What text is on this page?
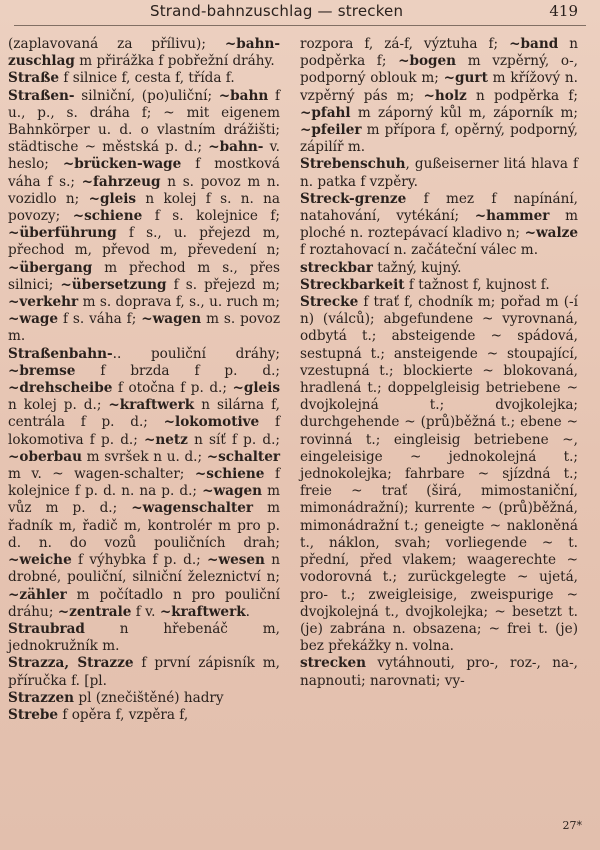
Strand-bahnzuschlag — strecken	419

(zaplavovaná za přílivu); ~bahn-zuschlag m přirážka f pobřežní dráhy.

Straße f silnice f, cesta f, třída f.

Straßen- silniční, (po)uliční; ~bahn f u., p., s. dráha f; ~ mit eigenem Bahnkörper u. d. o vlastním drážišti; städtische ~ městská p. d.; ~bahn- v. heslo; ~brücken-wage f mostková váha f s.; ~fahrzeug n s. povoz m n. vozidlo n; ~gleis n kolej f s. n. na povozy; ~schiene f s. kolejnice f; ~überführung f s., u. přejezd m, přechod m, převod m, převedení n; ~übergang m přechod m s., přes silnici; ~übersetzung f s. přejezd m; ~verkehr m s. doprava f, s., u. ruch m; ~wage f s. váha f; ~wagen m s. povoz m.

Straßenbahn-.. pouliční dráhy; ~bremse f brzda f p. d.; ~drehscheibe f otočna f p. d.; ~gleis n kolej p. d.; ~kraftwerk n silárna f, centrála f p. d.; ~lokomotive f lokomotiva f p. d.; ~netz n síť f p. d.; ~oberbau m svršek n u. d.; ~schalter m v. ~ wagen-schalter; ~schiene f kolejnice f p. d. n. na p. d.; ~wagen m vůz m p. d.; ~wagenschalter m řadník m, řadič m, kontrolér m pro p. d. n. do vozů pouličních drah; ~weiche f výhybka f p. d.; ~wesen n drobné, pouliční, silniční železnictví n; ~zähler m počítadlo n pro pouliční dráhu; ~zentrale f v. ~kraftwerk.

Straubrad n hřebenáč m, jednokružník m.

Strazza, Strazze f první zápisník m, příručka f. [pl.

Strazzen pl (znečištěné) hadry

Strebe f opěra f, vzpěra f,

rozpora f, zá-f, výztuha f; ~band n podpěrka f; ~bogen m vzpěrný, o-, podporný oblouk m; ~gurt m křížový n. vzpěrný pás m; ~holz n podpěrka f; ~pfahl m záporný kůl m, záporník m; ~pfeiler m přípora f, opěrný, podporný, zápilíř m.

Strebenschuh, gußeiserner litá hlava f n. patka f vzpěry.

Streck-grenze f mez f napínání, natahování, vytékání; ~hammer m ploché n. roztepávací kladivo n; ~walze f roztahovací n. začáteční válec m.

streckbar tažný, kujný.

Streckbarkeit f tažnost f, kujnost f.

Strecke f trať f, chodník m; pořad m (-í n) (válců); abgefundene ~ vyrovnaná, odbytá t.; absteigende ~ spádová, sestupná t.; ansteigende ~ stoupající, vzestupná t.; blockierte ~ blokovaná, hradlená t.; doppelgleisig betriebene ~ dvojkolejná t.; dvojkolejka; durchgehende ~ (prů)běžná t.; ebene ~ rovinná t.; eingleisig betriebene ~, eingeleisige ~ jednokolejná t.; jednokolejka; fahrbare ~ sjízdná t.; freie ~ trať (širá, mimostaniční, mimonádražní); kurrente ~ (prů)běžná, mimonádražní t.; geneigte ~ nakloněná t., náklon, svah; vorliegende ~ t. přední, před vlakem; waagerechte ~ vodorovná t.; zurückgelegte ~ ujetá, pro- t.; zweigleisige, zweispurige ~ dvojkolejná t., dvojkolejka; ~ besetzt t. (je) zabrána n. obsazena; ~ frei t. (je) bez překážky n. volna.

strecken vytáhnouti, pro-, roz-, na-, napnouti; narovnati; vy-

27*
